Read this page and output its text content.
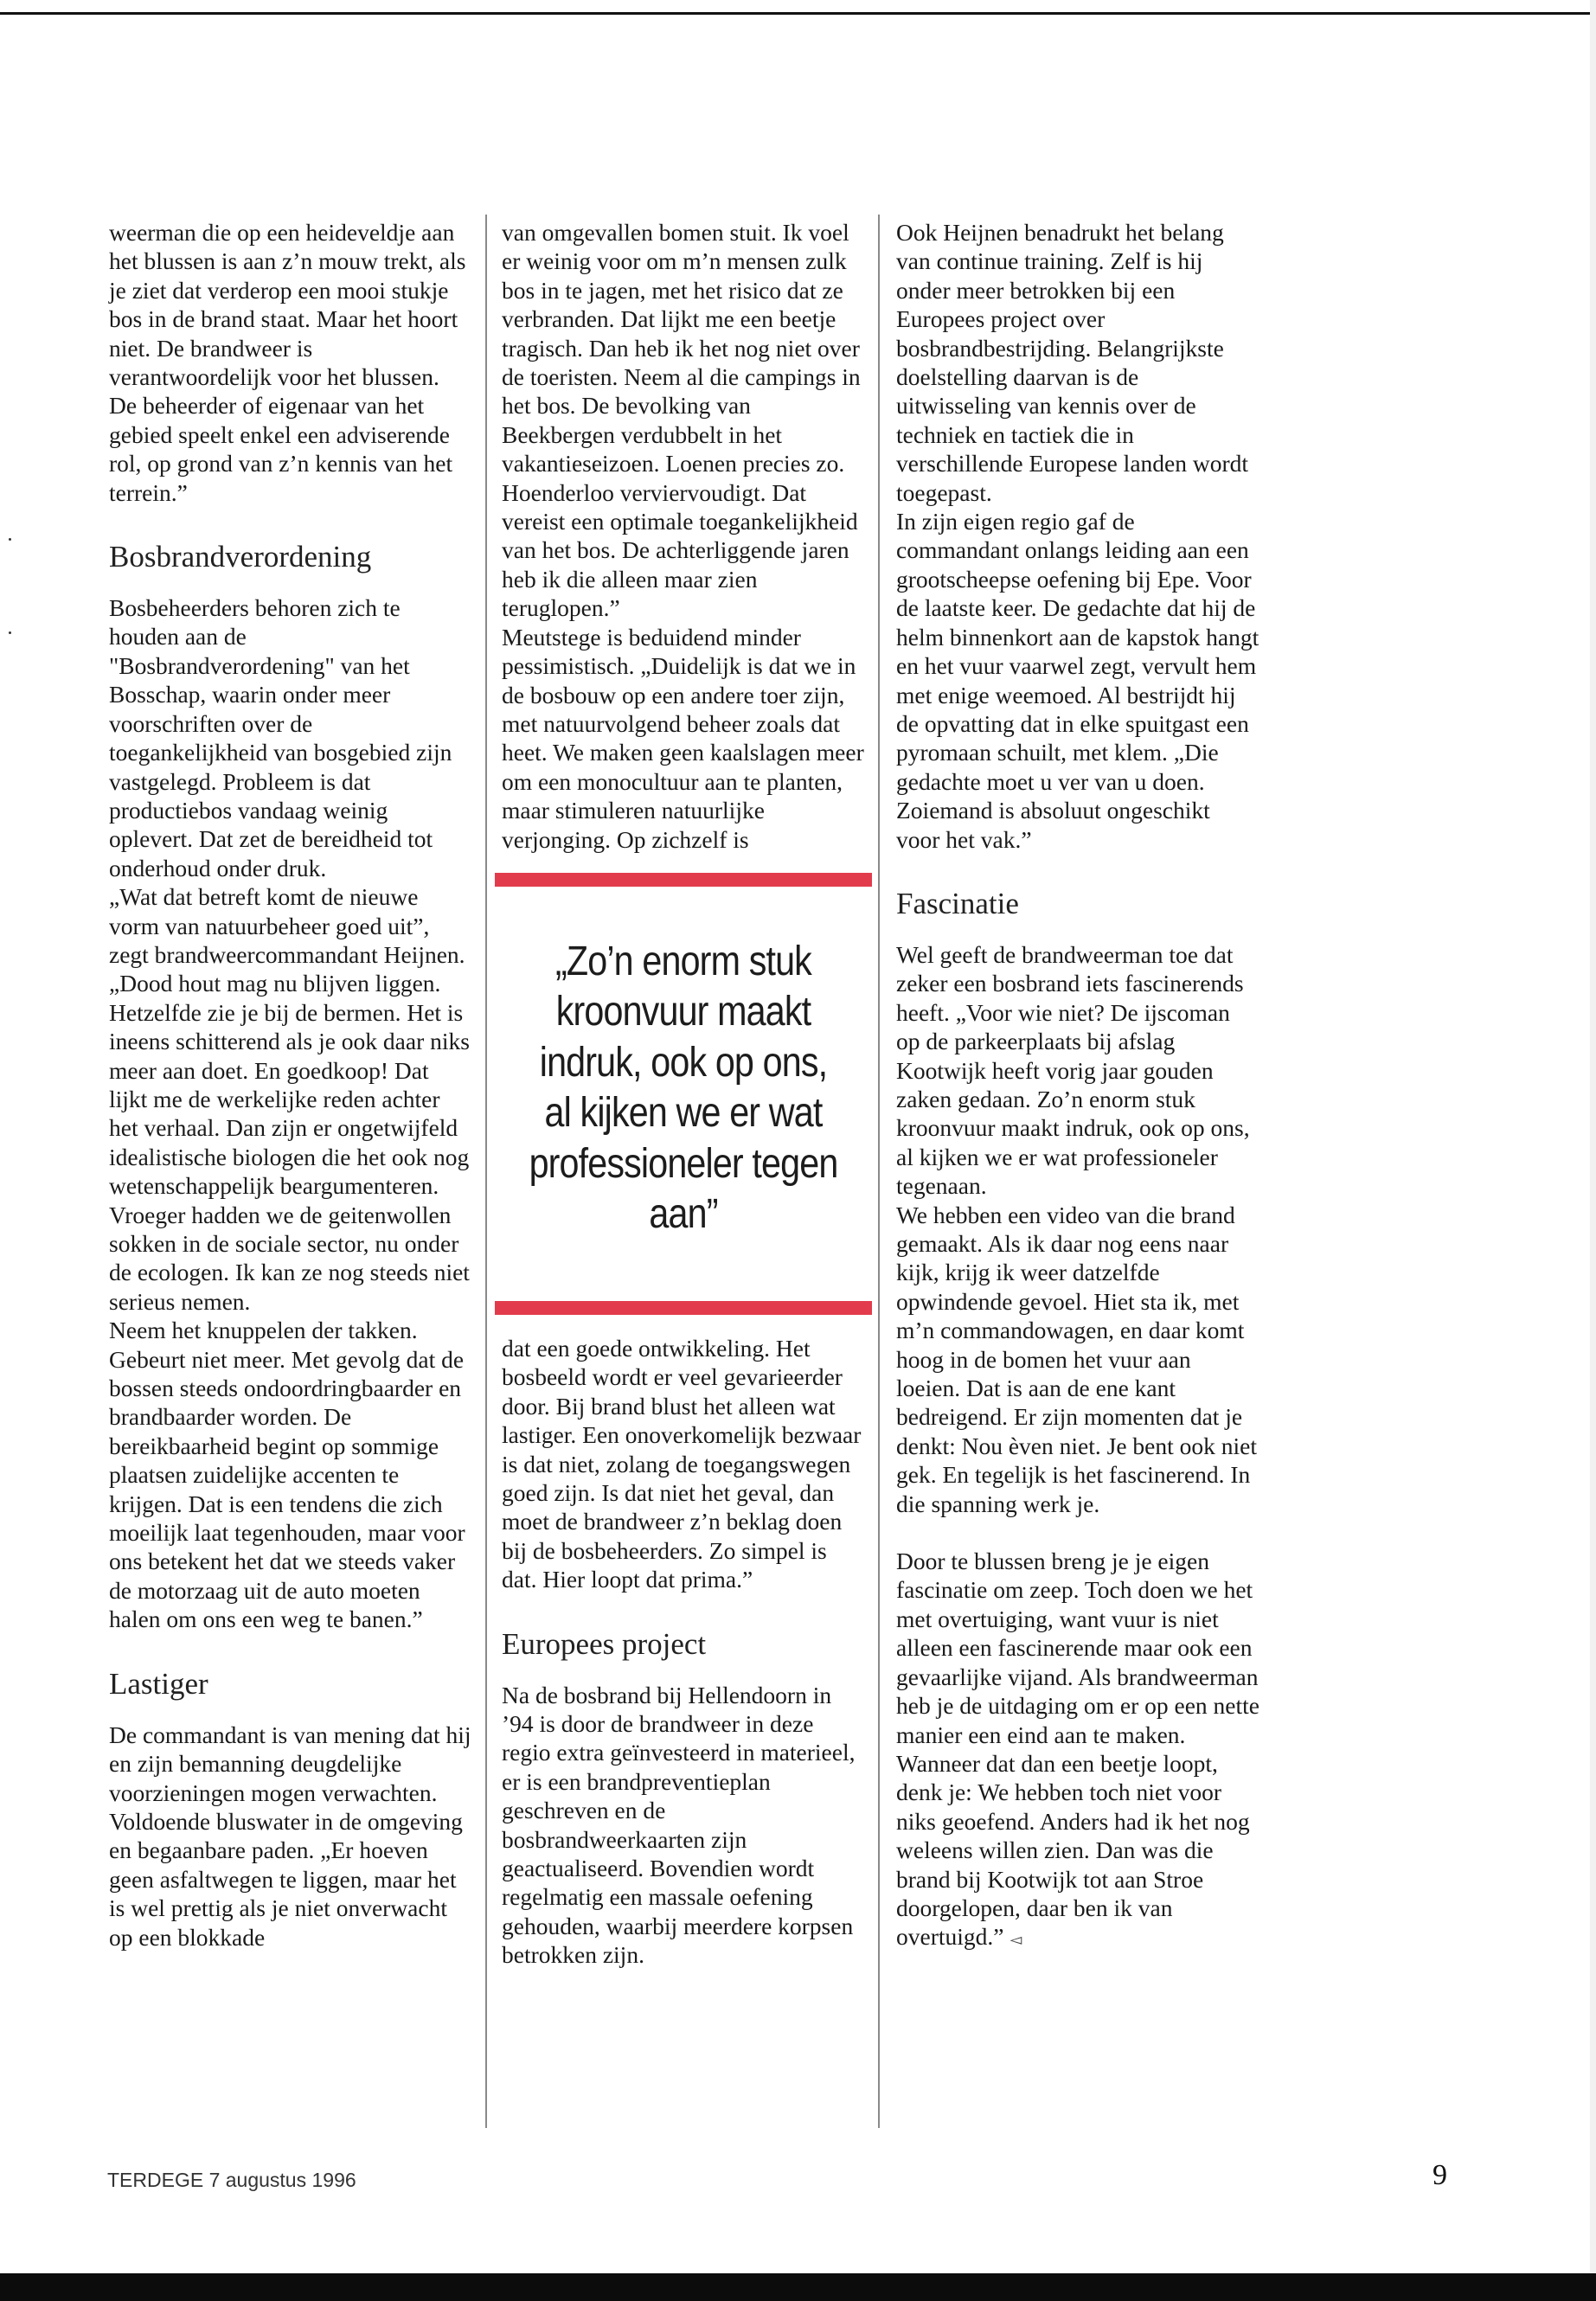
weerman die op een heideveldje aan het blussen is aan z’n mouw trekt, als je ziet dat verderop een mooi stukje bos in de brand staat. Maar het hoort niet. De brandweer is verantwoordelijk voor het blussen. De beheerder of eigenaar van het gebied speelt enkel een adviserende rol, op grond van z’n kennis van het terrein.”

Bosbrandverordening

Bosbeheerders behoren zich te houden aan de "Bosbrandverordening" van het Bosschap, waarin onder meer voorschriften over de toegankelijkheid van bosgebied zijn vastgelegd. Probleem is dat productiebos vandaag weinig oplevert. Dat zet de bereidheid tot onderhoud onder druk.

„Wat dat betreft komt de nieuwe vorm van natuurbeheer goed uit”, zegt brandweercommandant Heijnen. „Dood hout mag nu blijven liggen. Hetzelfde zie je bij de bermen. Het is ineens schitterend als je ook daar niks meer aan doet. En goedkoop! Dat lijkt me de werkelijke reden achter het verhaal. Dan zijn er ongetwijfeld idealistische biologen die het ook nog wetenschappelijk beargumenteren. Vroeger hadden we de geitenwollen sokken in de sociale sector, nu onder de ecologen. Ik kan ze nog steeds niet serieus nemen.

Neem het knuppelen der takken. Gebeurt niet meer. Met gevolg dat de bossen steeds ondoordringbaarder en brandbaarder worden. De bereikbaarheid begint op sommige plaatsen zuidelijke accenten te krijgen. Dat is een tendens die zich moeilijk laat tegenhouden, maar voor ons betekent het dat we steeds vaker de motorzaag uit de auto moeten halen om ons een weg te banen.”

Lastiger

De commandant is van mening dat hij en zijn bemanning deugdelijke voorzieningen mogen verwachten. Voldoende bluswater in de omgeving en begaanbare paden. „Er hoeven geen asfaltwegen te liggen, maar het is wel prettig als je niet onverwacht op een blokkade

van omgevallen bomen stuit. Ik voel er weinig voor om m’n mensen zulk bos in te jagen, met het risico dat ze verbranden. Dat lijkt me een beetje tragisch. Dan heb ik het nog niet over de toeristen. Neem al die campings in het bos. De bevolking van Beekbergen verdubbelt in het vakantieseizoen. Loenen precies zo. Hoenderloo verviervoudigt. Dat vereist een optimale toegankelijkheid van het bos. De achterliggende jaren heb ik die alleen maar zien teruglopen.”

Meutstege is beduidend minder pessimistisch. „Duidelijk is dat we in de bosbouw op een andere toer zijn, met natuurvolgend beheer zoals dat heet. We maken geen kaalslagen meer om een monocultuur aan te planten, maar stimuleren natuurlijke verjonging. Op zichzelf is

„Zo’n enorm stuk kroonvuur maakt indruk, ook op ons, al kijken we er wat professioneler tegen aan”

dat een goede ontwikkeling. Het bosbeeld wordt er veel gevarieerder door. Bij brand blust het alleen wat lastiger. Een onoverkomelijk bezwaar is dat niet, zolang de toegangswegen goed zijn. Is dat niet het geval, dan moet de brandweer z’n beklag doen bij de bosbeheerders. Zo simpel is dat. Hier loopt dat prima.”

Europees project

Na de bosbrand bij Hellendoorn in ’94 is door de brandweer in deze regio extra geïnvesteerd in materieel, er is een brandpreventieplan geschreven en de bosbrandweerkaarten zijn geactualiseerd. Bovendien wordt regelmatig een massale oefening gehouden, waarbij meerdere korpsen betrokken zijn.

Ook Heijnen benadrukt het belang van continue training. Zelf is hij onder meer betrokken bij een Europees project over bosbrandbestrijding. Belangrijkste doelstelling daarvan is de uitwisseling van kennis over de techniek en tactiek die in verschillende Europese landen wordt toegepast.

In zijn eigen regio gaf de commandant onlangs leiding aan een grootscheepse oefening bij Epe. Voor de laatste keer. De gedachte dat hij de helm binnenkort aan de kapstok hangt en het vuur vaarwel zegt, vervult hem met enige weemoed. Al bestrijdt hij de opvatting dat in elke spuitgast een pyromaan schuilt, met klem. „Die gedachte moet u ver van u doen. Zoiemand is absoluut ongeschikt voor het vak.”

Fascinatie

Wel geeft de brandweerman toe dat zeker een bosbrand iets fascinerends heeft. „Voor wie niet? De ijscoman op de parkeerplaats bij afslag Kootwijk heeft vorig jaar gouden zaken gedaan. Zo’n enorm stuk kroonvuur maakt indruk, ook op ons, al kijken we er wat professioneler tegenaan.

We hebben een video van die brand gemaakt. Als ik daar nog eens naar kijk, krijg ik weer datzelfde opwindende gevoel. Hiet sta ik, met m’n commandowagen, en daar komt hoog in de bomen het vuur aan loeien. Dat is aan de ene kant bedreigend. Er zijn momenten dat je denkt: Nou èven niet. Je bent ook niet gek. En tegelijk is het fascinerend. In die spanning werk je.

Door te blussen breng je je eigen fascinatie om zeep. Toch doen we het met overtuiging, want vuur is niet alleen een fascinerende maar ook een gevaarlijke vijand. Als brandweerman heb je de uitdaging om er op een nette manier een eind aan te maken. Wanneer dat dan een beetje loopt, denk je: We hebben toch niet voor niks geoefend. Anders had ik het nog weleens willen zien. Dan was die brand bij Kootwijk tot aan Stroe doorgelopen, daar ben ik van overtuigd.” ◅

TERDEGE 7 augustus 1996	9
